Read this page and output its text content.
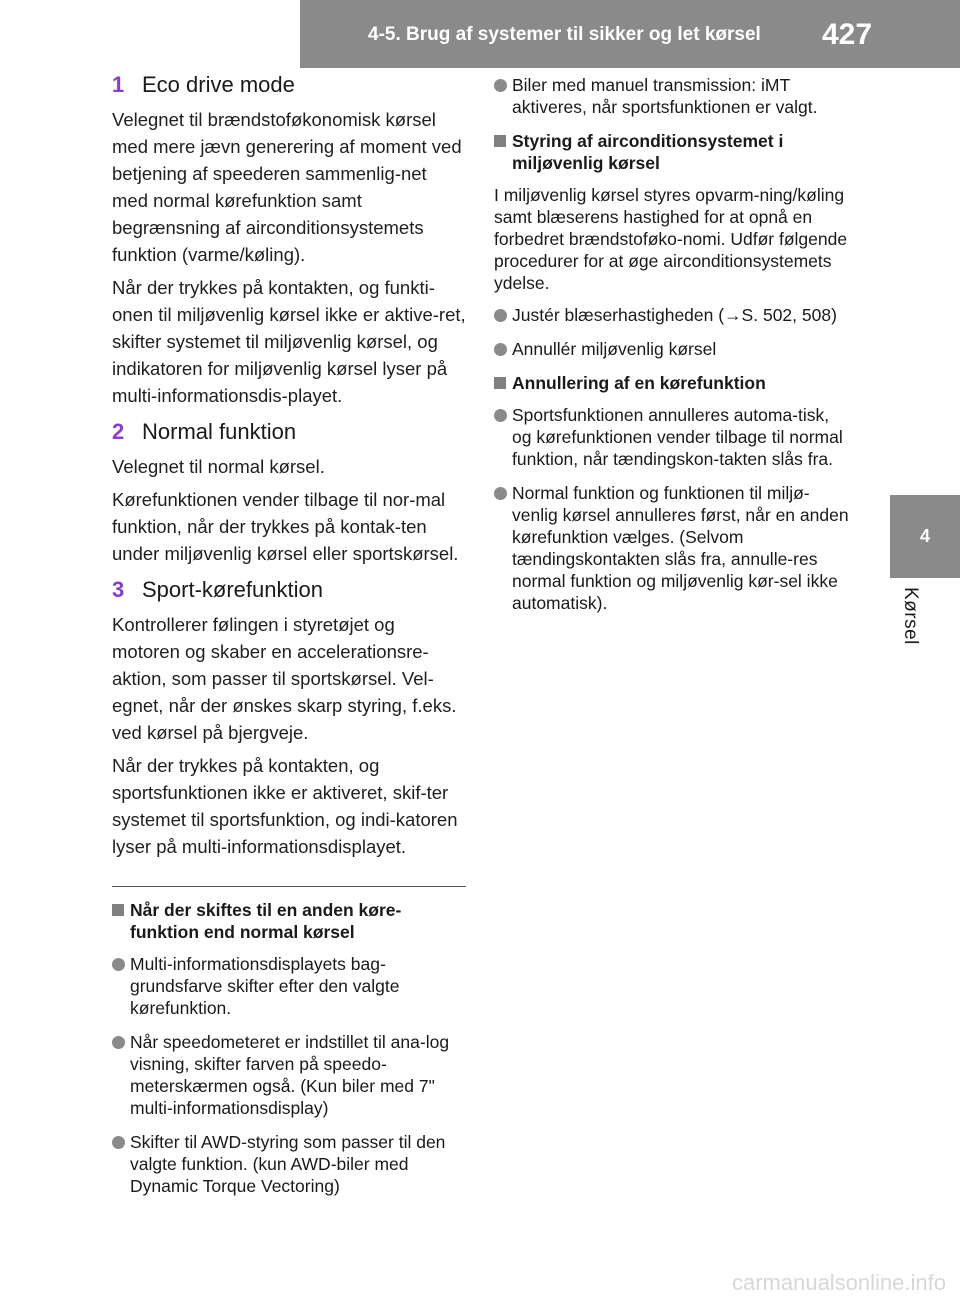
4-5. Brug af systemer til sikker og let kørsel 427
4
Kørsel
1 Eco drive mode

Velegnet til brændstoføkonomisk kørsel med mere jævn generering af moment ved betjening af speederen sammenlig-net med normal kørefunktion samt begrænsning af airconditionsystemets funktion (varme/køling).

Når der trykkes på kontakten, og funkti-onen til miljøvenlig kørsel ikke er aktive-ret, skifter systemet til miljøvenlig kørsel, og indikatoren for miljøvenlig kørsel lyser på multi-informationsdis-playet.

2 Normal funktion

Velegnet til normal kørsel.

Kørefunktionen vender tilbage til nor-mal funktion, når der trykkes på kontak-ten under miljøvenlig kørsel eller sportskørsel.

3 Sport-kørefunktion

Kontrollerer følingen i styretøjet og motoren og skaber en accelerationsre-aktion, som passer til sportskørsel. Vel-egnet, når der ønskes skarp styring, f.eks. ved kørsel på bjergveje.

Når der trykkes på kontakten, og sportsfunktionen ikke er aktiveret, skif-ter systemet til sportsfunktion, og indi-katoren lyser på multi-informationsdisplayet.

Når der skiftes til en anden køre-funktion end normal kørsel
Multi-informationsdisplayets bag-grundsfarve skifter efter den valgte kørefunktion.
Når speedometeret er indstillet til ana-log visning, skifter farven på speedo-meterskærmen også. (Kun biler med 7" multi-informationsdisplay)
Skifter til AWD-styring som passer til den valgte funktion. (kun AWD-biler med Dynamic Torque Vectoring)
Biler med manuel transmission: iMT aktiveres, når sportsfunktionen er valgt.
Styring af airconditionsystemet i miljøvenlig kørsel

I miljøvenlig kørsel styres opvarm-ning/køling samt blæserens hastighed for at opnå en forbedret brændstoføko-nomi. Udfør følgende procedurer for at øge airconditionsystemets ydelse.

Justér blæserhastigheden (→S. 502, 508)
Annullér miljøvenlig kørsel
Annullering af en kørefunktion
Sportsfunktionen annulleres automa-tisk, og kørefunktionen vender tilbage til normal funktion, når tændingskon-takten slås fra.
Normal funktion og funktionen til miljø-venlig kørsel annulleres først, når en anden kørefunktion vælges. (Selvom tændingskontakten slås fra, annulle-res normal funktion og miljøvenlig kør-sel ikke automatisk).
carmanualsonline.info
